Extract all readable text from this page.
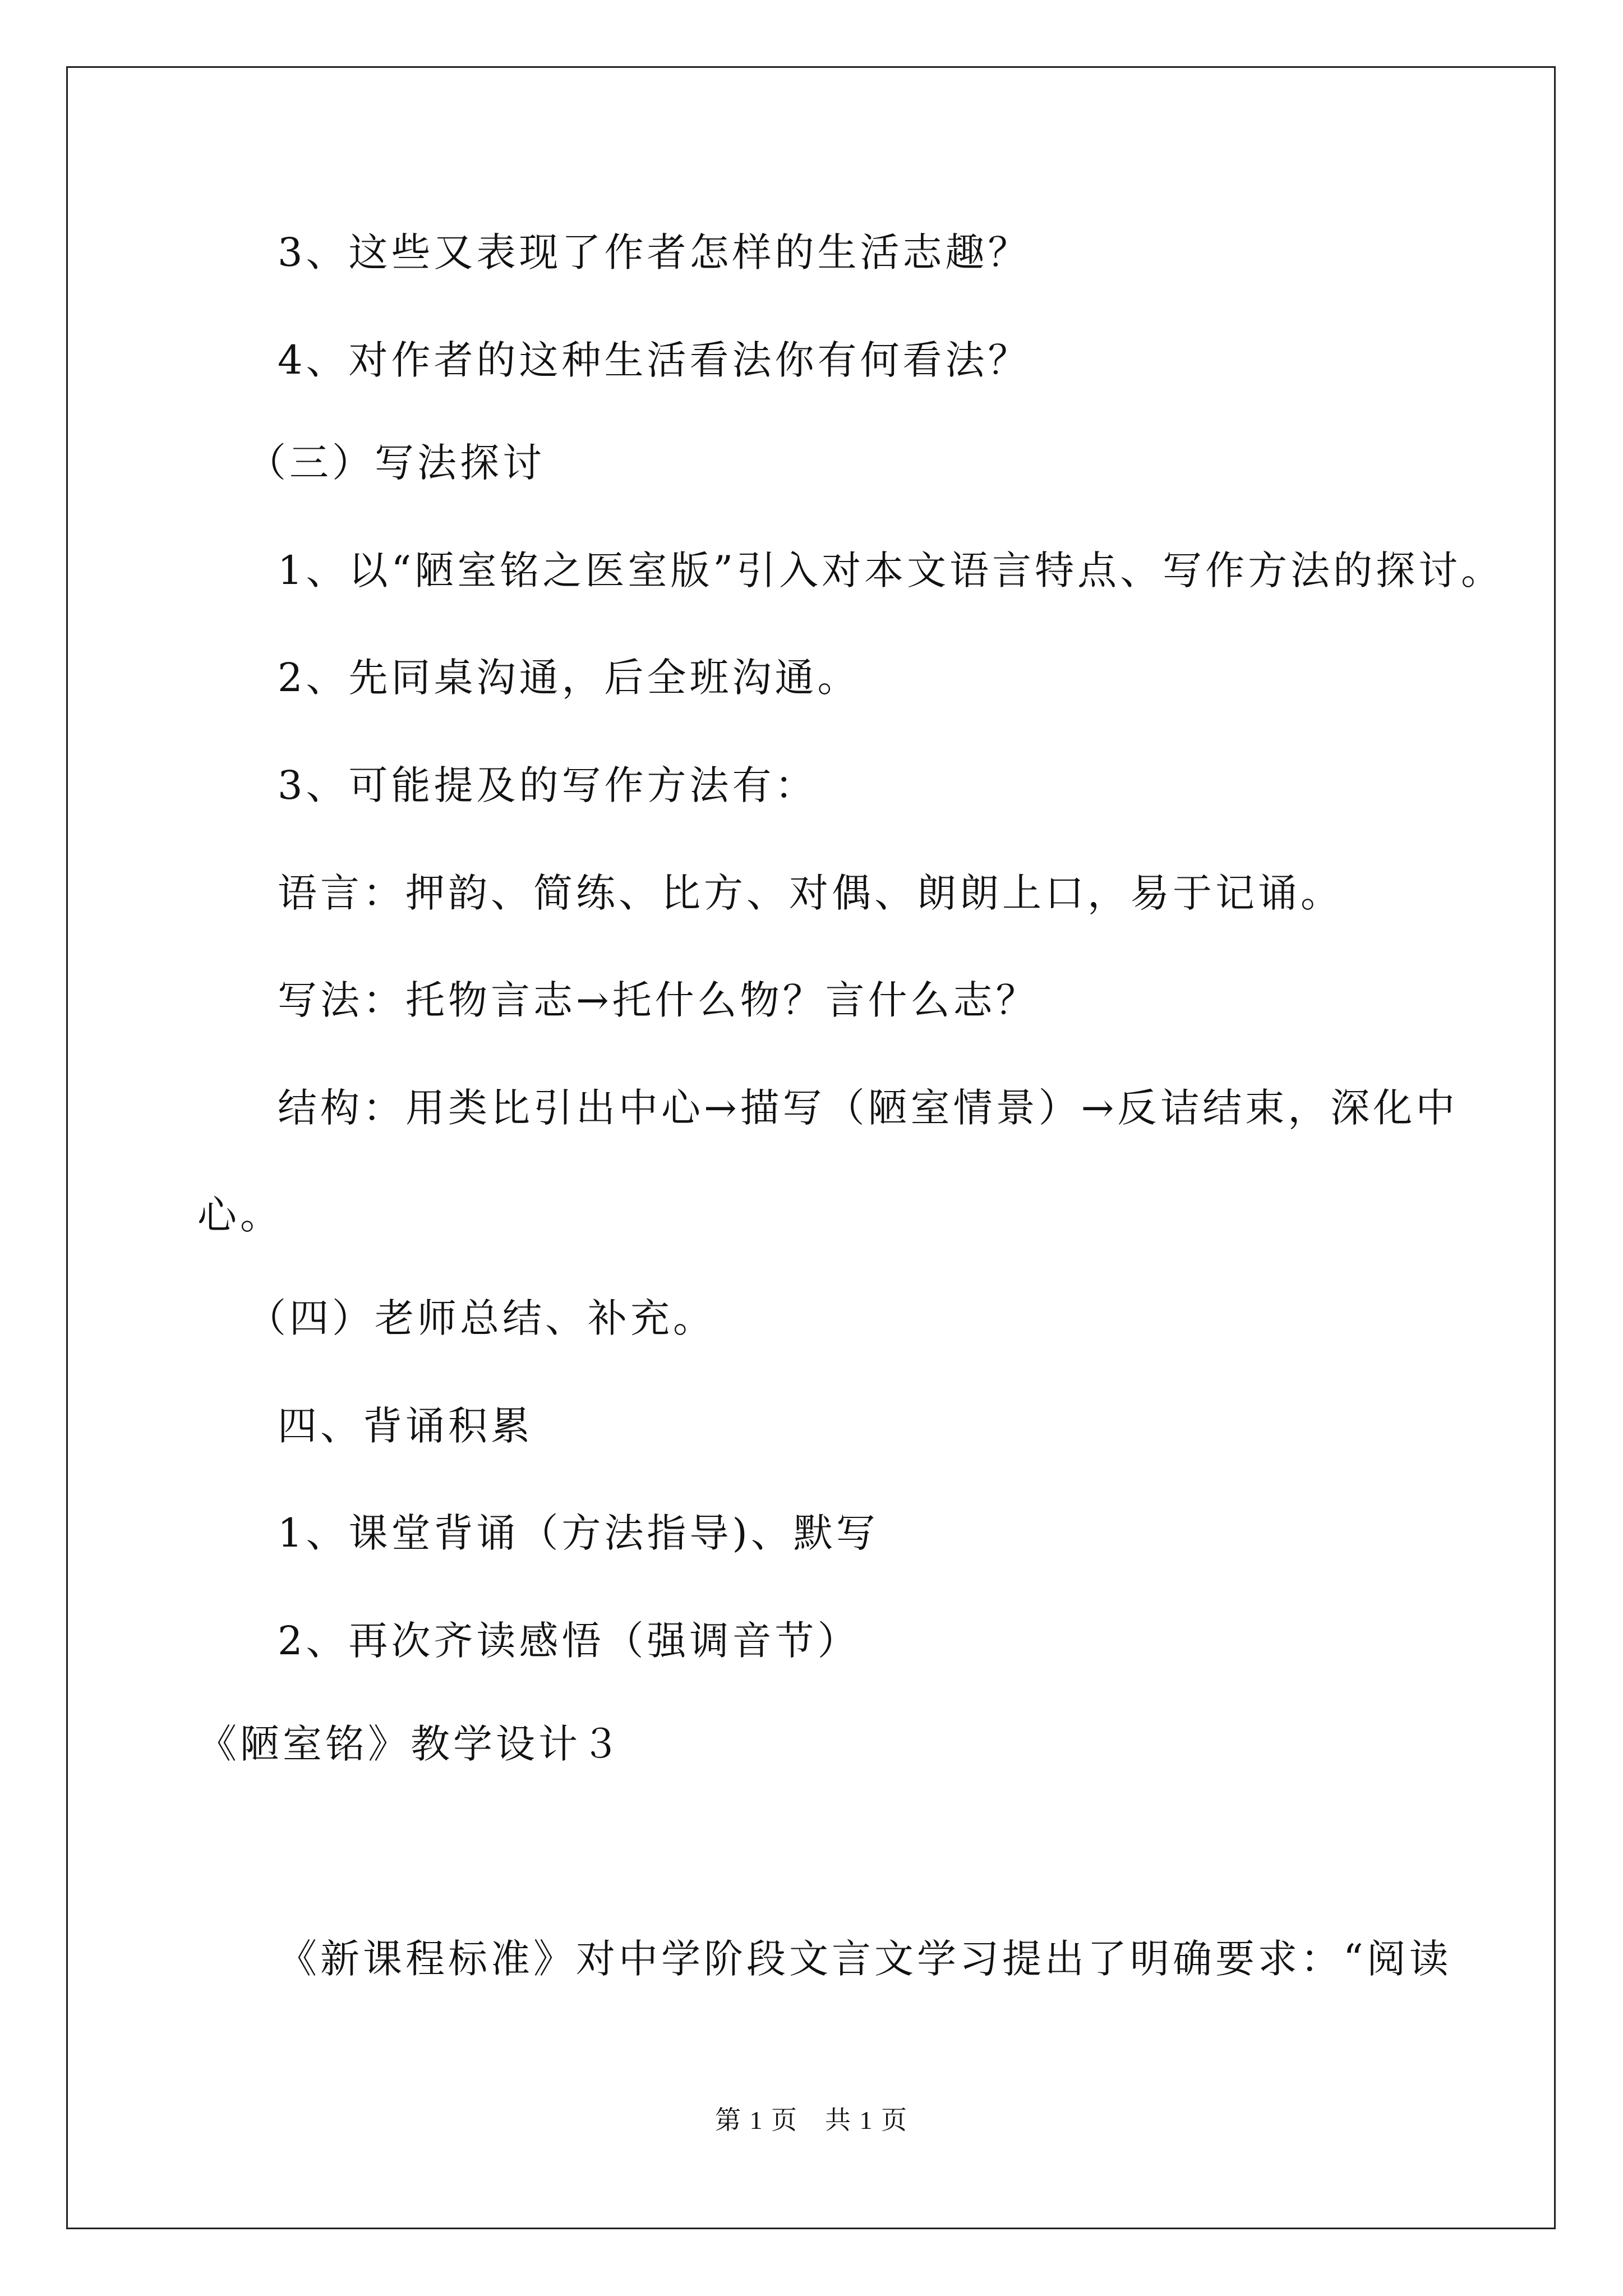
3、这些又表现了作者怎样的生活志趣？
4、对作者的这种生活看法你有何看法？
（三）写法探讨
1、以“陋室铭之医室版”引入对本文语言特点、写作方法的探讨。
2、先同桌沟通，后全班沟通。
3、可能提及的写作方法有：
语言：押韵、简练、比方、对偶、朗朗上口，易于记诵。
写法：托物言志→托什么物？言什么志？
结构：用类比引出中心→描写（陋室情景）→反诘结束，深化中
心。
（四）老师总结、补充。
四、背诵积累
1、课堂背诵（方法指导)、默写
2、再次齐读感悟（强调音节）
《陋室铭》教学设计３
《新课程标准》对中学阶段文言文学习提出了明确要求：“阅读
第 1 页　共 1 页
